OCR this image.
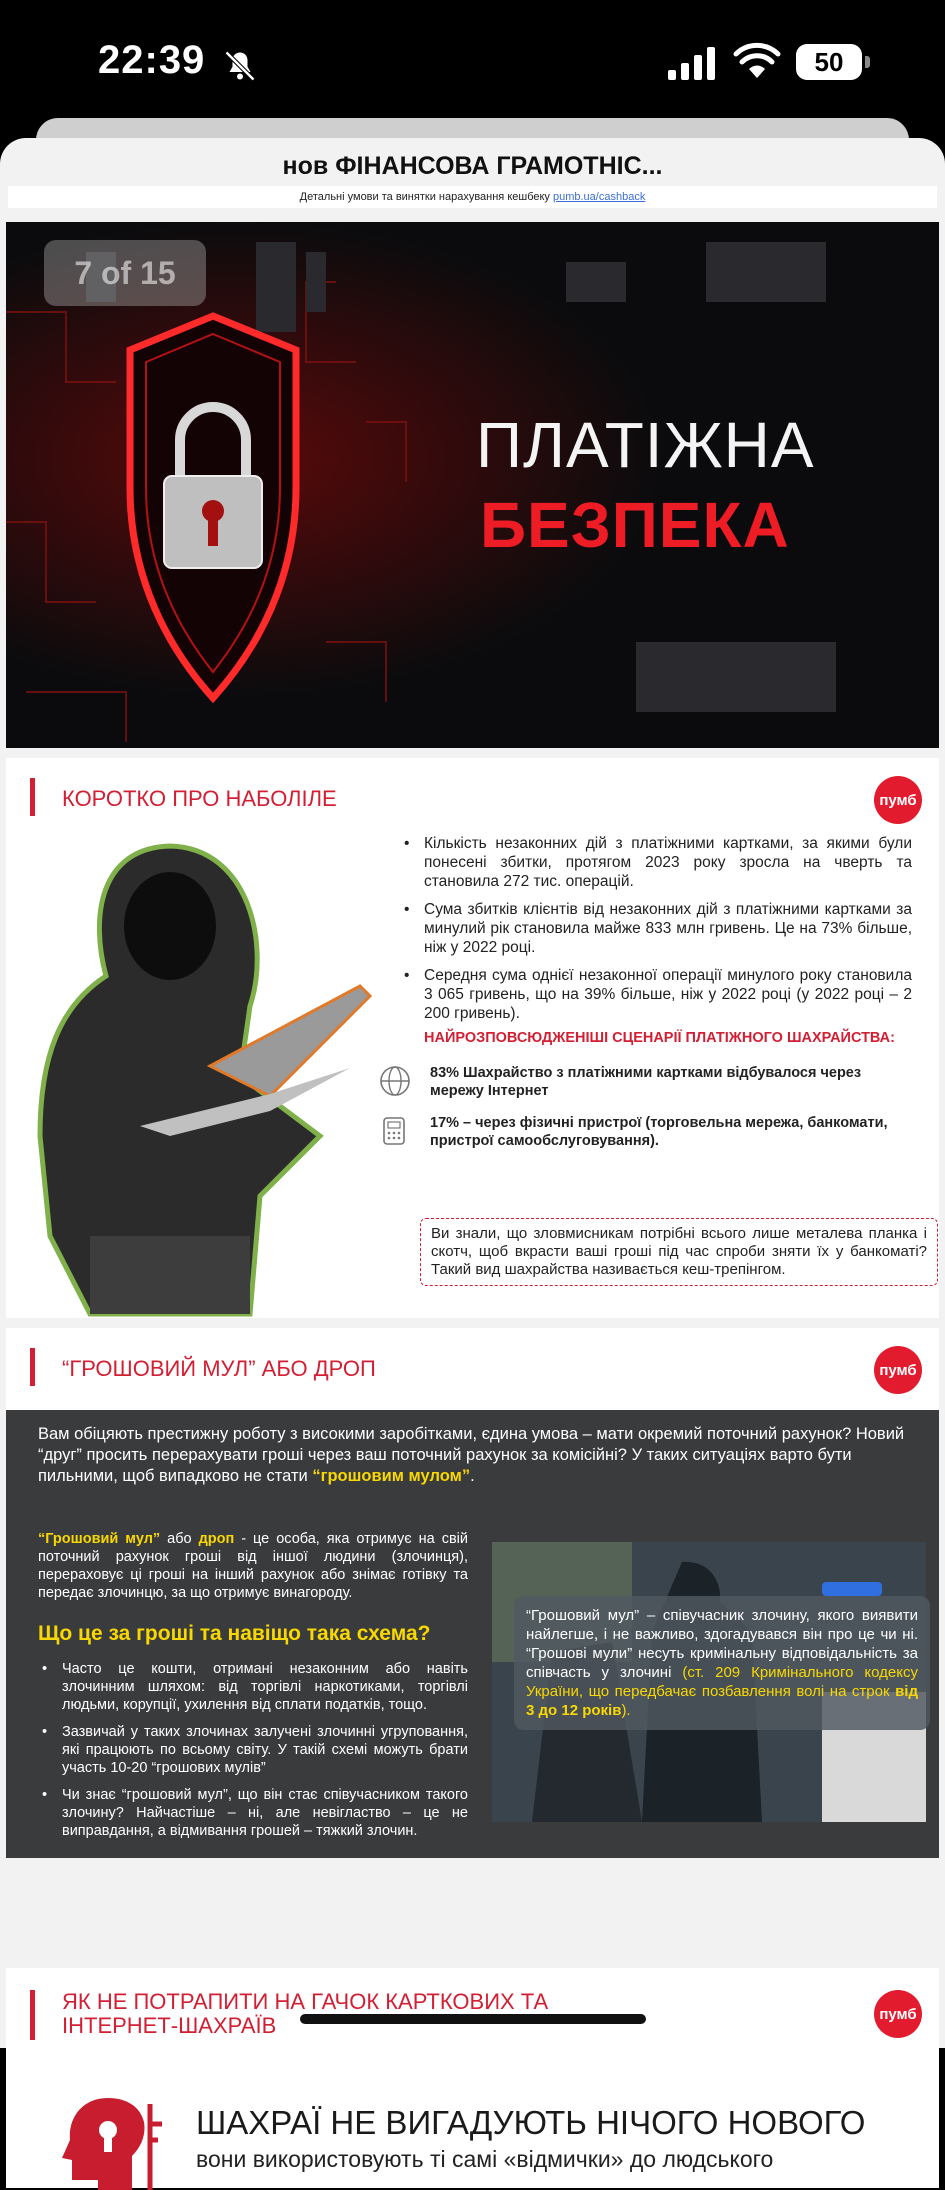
22:39	50
нов ФІНАНСОВА ГРАМОТНІС...
Детальні умови та винятки нарахування кешбеку pumb.ua/cashback
7 of 15
ПЛАТІЖНА
БЕЗПЕКА
КОРОТКО ПРО НАБОЛІЛЕ	пумб
• Кількість незаконних дій з платіжними картками, за якими були понесені збитки, протягом 2023 року зросла на чверть та становила 272 тис. операцій.
• Сума збитків клієнтів від незаконних дій з платіжними картками за минулий рік становила майже 833 млн гривень. Це на 73% більше, ніж у 2022 році.
• Середня сума однієї незаконної операції минулого року становила 3 065 гривень, що на 39% більше, ніж у 2022 році (у 2022 році – 2 200 гривень).
НАЙРОЗПОВСЮДЖЕНІШІ СЦЕНАРІЇ ПЛАТІЖНОГО ШАХРАЙСТВА:
83% Шахрайство з платіжними картками відбувалося через мережу Інтернет
17% – через фізичні пристрої (торговельна мережа, банкомати, пристрої самообслуговування).
Ви знали, що зловмисникам потрібні всього лише металева планка і скотч, щоб вкрасти ваші гроші під час спроби зняти їх у банкоматі? Такий вид шахрайства називається кеш-трепінгом.
“ГРОШОВИЙ МУЛ” АБО ДРОП	пумб
Вам обіцяють престижну роботу з високими заробітками, єдина умова – мати окремий поточний рахунок? Новий “друг” просить перерахувати гроші через ваш поточний рахунок за комісійні? У таких ситуаціях варто бути пильними, щоб випадково не стати “грошовим мулом”.
“Грошовий мул” або дроп - це особа, яка отримує на свій поточний рахунок гроші від іншої людини (злочинця), перераховує ці гроші на інший рахунок або знімає готівку та передає злочинцю, за що отримує винагороду.
Що це за гроші та навіщо така схема?
• Часто це кошти, отримані незаконним або навіть злочинним шляхом: від торгівлі наркотиками, торгівлі людьми, корупції, ухилення від сплати податків, тощо.
• Зазвичай у таких злочинах залучені злочинні угруповання, які працюють по всьому світу. У такій схемі можуть брати участь 10-20 “грошових мулів”
• Чи знає “грошовий мул”, що він стає співучасником такого злочину? Найчастіше – ні, але невігластво – це не виправдання, а відмивання грошей – тяжкий злочин.
“Грошовий мул” – співучасник злочину, якого виявити найлегше, і не важливо, здогадувався він про це чи ні. “Грошові мули” несуть кримінальну відповідальність за співчасть у злочині (ст. 209 Кримінального кодексу України, що передбачає позбавлення волі на строк від 3 до 12 років).
ЯК НЕ ПОТРАПИТИ НА ГАЧОК КАРТКОВИХ ТА ІНТЕРНЕТ-ШАХРАЇВ	пумб
ШАХРАЇ НЕ ВИГАДУЮТЬ НІЧОГО НОВОГО
вони використовують ті самі «відмички» до людського
